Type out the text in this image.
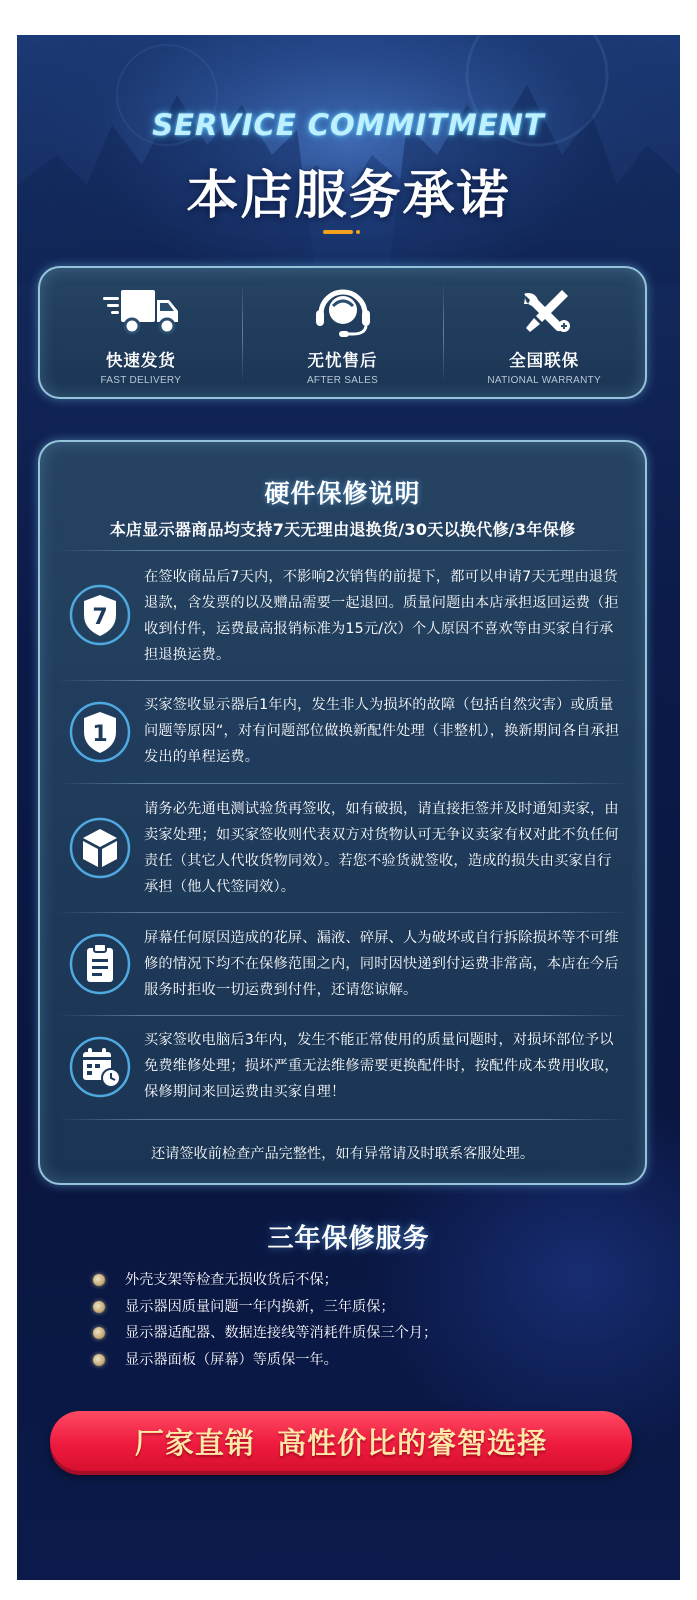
SERVICE COMMITMENT
本店服务承诺
快速发货
FAST DELIVERY
无忧售后
AFTER SALES
全国联保
NATIONAL WARRANTY
硬件保修说明
本店显示器商品均支持7天无理由退换货/30天以换代修/3年保修
7
在签收商品后7天内，不影响2次销售的前提下，都可以申请7天无理由退货退款，含发票的以及赠品需要一起退回。质量问题由本店承担返回运费（拒收到付件，运费最高报销标准为15元/次）个人原因不喜欢等由买家自行承担退换运费。
1
买家签收显示器后1年内，发生非人为损坏的故障（包括自然灾害）或质量问题等原因“，对有问题部位做换新配件处理（非整机），换新期间各自承担发出的单程运费。
请务必先通电测试验货再签收，如有破损，请直接拒签并及时通知卖家，由卖家处理；如买家签收则代表双方对货物认可无争议卖家有权对此不负任何责任（其它人代收货物同效）。若您不验货就签收，造成的损失由买家自行承担（他人代签同效）。
屏幕任何原因造成的花屏、漏液、碎屏、人为破坏或自行拆除损坏等不可维修的情况下均不在保修范围之内，同时因快递到付运费非常高，本店在今后服务时拒收一切运费到付件，还请您谅解。
买家签收电脑后3年内，发生不能正常使用的质量问题时，对损坏部位予以免费维修处理；损坏严重无法维修需要更换配件时，按配件成本费用收取，保修期间来回运费由买家自理！
还请签收前检查产品完整性，如有异常请及时联系客服处理。
三年保修服务
外壳支架等检查无损收货后不保；
显示器因质量问题一年内换新，三年质保；
显示器适配器、数据连接线等消耗件质保三个月；
显示器面板（屏幕）等质保一年。
厂家直销  高性价比的睿智选择
